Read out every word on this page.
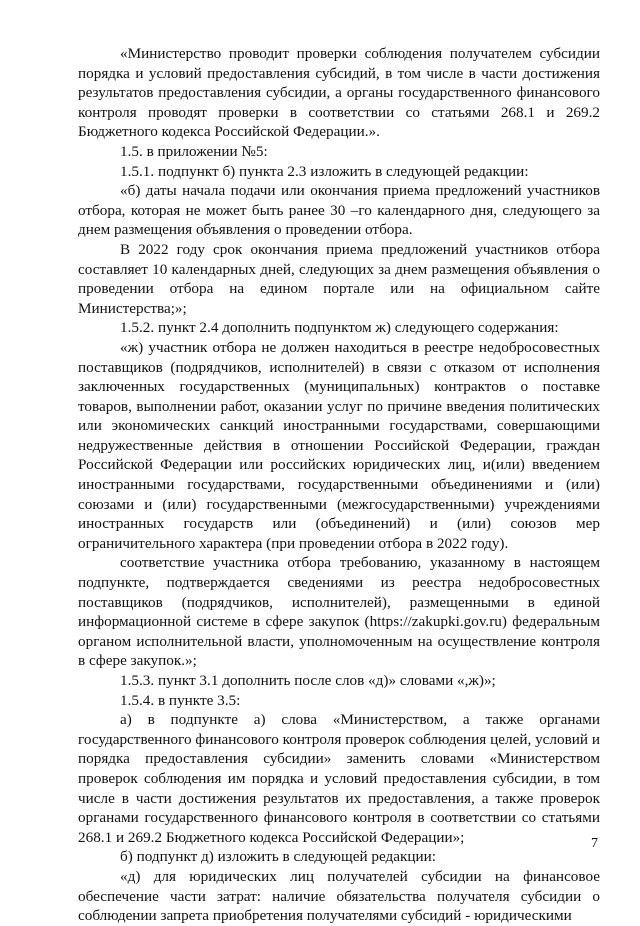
«Министерство проводит проверки соблюдения получателем субсидии порядка и условий предоставления субсидий, в том числе в части достижения результатов предоставления субсидии, а органы государственного финансового контроля проводят проверки в соответствии со статьями 268.1 и 269.2 Бюджетного кодекса Российской Федерации.».

1.5. в приложении №5:

1.5.1. подпункт б) пункта 2.3 изложить в следующей редакции:

«б) даты начала подачи или окончания приема предложений участников отбора, которая не может быть ранее 30 –го календарного дня, следующего за днем размещения объявления о проведении отбора.

В 2022 году срок окончания приема предложений участников отбора составляет 10 календарных дней, следующих за днем размещения объявления о проведении отбора на едином портале или на официальном сайте Министерства;»;

1.5.2. пункт 2.4 дополнить подпунктом ж) следующего содержания:

«ж) участник отбора не должен находиться в реестре недобросовестных поставщиков (подрядчиков, исполнителей) в связи с отказом от исполнения заключенных государственных (муниципальных) контрактов о поставке товаров, выполнении работ, оказании услуг по причине введения политических или экономических санкций иностранными государствами, совершающими недружественные действия в отношении Российской Федерации, граждан Российской Федерации или российских юридических лиц, и(или) введением иностранными государствами, государственными объединениями и (или) союзами и (или) государственными (межгосударственными) учреждениями иностранных государств или (объединений) и (или) союзов мер ограничительного характера (при проведении отбора в 2022 году).

соответствие участника отбора требованию, указанному в настоящем подпункте, подтверждается сведениями из реестра недобросовестных поставщиков (подрядчиков, исполнителей), размещенными в единой информационной системе в сфере закупок (https://zakupki.gov.ru) федеральным органом исполнительной власти, уполномоченным на осуществление контроля в сфере закупок.»;

1.5.3. пункт 3.1 дополнить после слов «д)» словами «,ж)»;

1.5.4. в пункте 3.5:

а) в подпункте а) слова «Министерством, а также органами государственного финансового контроля проверок соблюдения целей, условий и порядка предоставления субсидии» заменить словами «Министерством проверок соблюдения им порядка и условий предоставления субсидии, в том числе в части достижения результатов их предоставления, а также проверок органами государственного финансового контроля в соответствии со статьями 268.1 и 269.2 Бюджетного кодекса Российской Федерации»;

б) подпункт д) изложить в следующей редакции:

«д) для юридических лиц получателей субсидии на финансовое обеспечение части затрат: наличие обязательства получателя субсидии о соблюдении запрета приобретения получателями субсидий - юридическими

7
